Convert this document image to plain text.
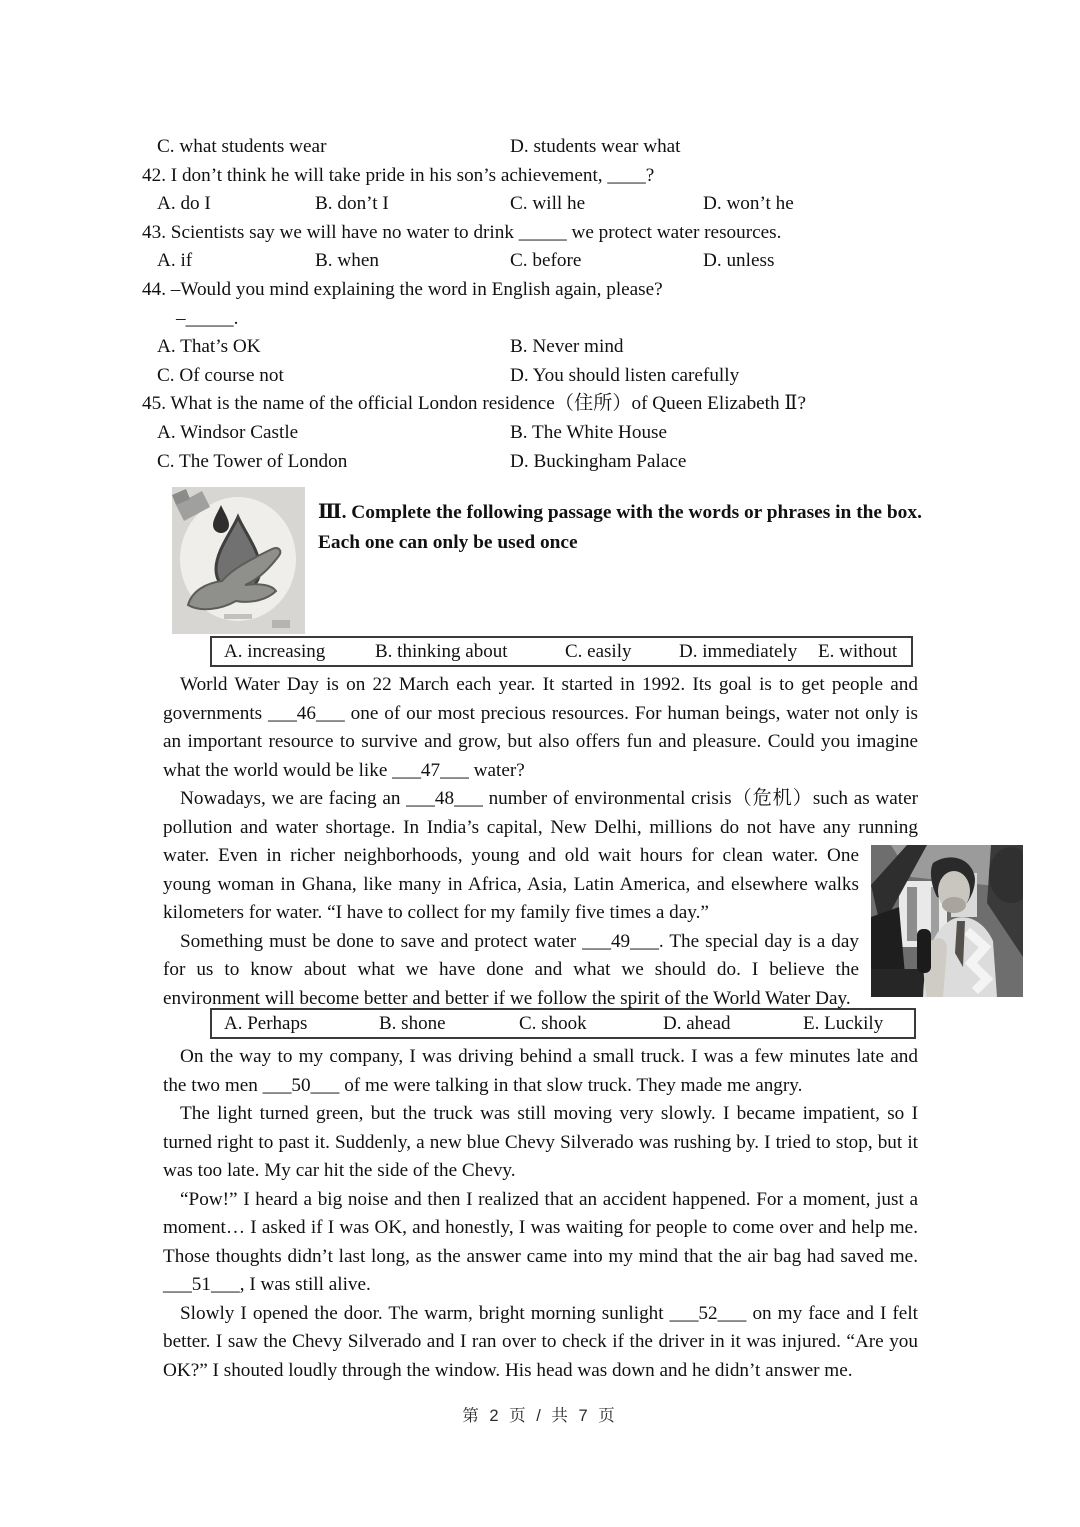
C. what students wear	D. students wear what
42. I don’t think he will take pride in his son’s achievement, ____?
A. do I	B. don’t I	C. will he	D. won’t he
43. Scientists say we will have no water to drink _____ we protect water resources.
A. if	B. when	C. before	D. unless
44. –Would you mind explaining the word in English again, please?
–_____.
A. That’s OK	B. Never mind
C. Of course not	D. You should listen carefully
45. What is the name of the official London residence（住所）of Queen Elizabeth Ⅱ?
A. Windsor Castle	B. The White House
C. The Tower of London	D. Buckingham Palace
Ⅲ. Complete the following passage with the words or phrases in the box.
Each one can only be used once
A. increasing	B. thinking about	C. easily	D. immediately	E. without

World Water Day is on 22 March each year. It started in 1992. Its goal is to get people and governments ___46___ one of our most precious resources. For human beings, water not only is an important resource to survive and grow, but also offers fun and pleasure. Could you imagine what the world would be like ___47___ water?

Nowadays, we are facing an ___48___ number of environmental crisis（危机）such as water pollution and water shortage. In India’s capital, New Delhi, millions do not have any running water.
Even in richer neighborhoods, young and old wait hours for clean water. One young woman in Ghana, like many in Africa, Asia, Latin America, and elsewhere walks kilometers for water. “I have to collect for my family five times a day.”

Something must be done to save and protect water ___49___. The special day is a day for us to know about what we have done and what we should do. I believe the environment will become better and better if we follow the spirit of the World Water Day.

A. Perhaps	B. shone	C. shook	D. ahead	E. Luckily

On the way to my company, I was driving behind a small truck. I was a few minutes late and the two men ___50___ of me were talking in that slow truck. They made me angry.

The light turned green, but the truck was still moving very slowly. I became impatient, so I turned right to past it. Suddenly, a new blue Chevy Silverado was rushing by. I tried to stop, but it was too late. My car hit the side of the Chevy.

“Pow!” I heard a big noise and then I realized that an accident happened. For a moment, just a moment… I asked if I was OK, and honestly, I was waiting for people to come over and help me. Those thoughts didn’t last long, as the answer came into my mind that the air bag had saved me. ___51___, I was still alive.

Slowly I opened the door. The warm, bright morning sunlight ___52___ on my face and I felt better. I saw the Chevy Silverado and I ran over to check if the driver in it was injured. “Are you OK?” I shouted loudly through the window. His head was down and he didn’t answer me.

第 2 页 / 共 7 页
